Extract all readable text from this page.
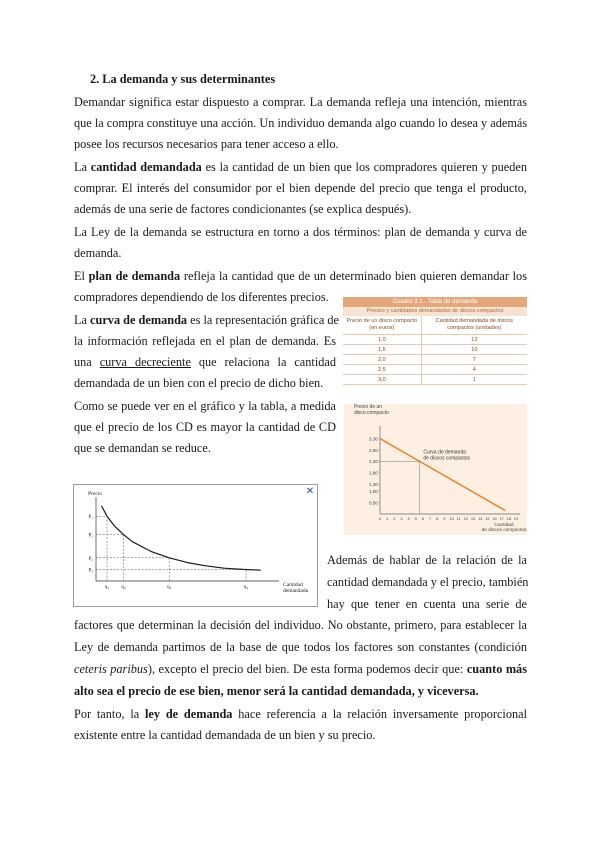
2. La demanda y sus determinantes
Demandar significa estar dispuesto a comprar. La demanda refleja una intención, mientras
que la compra constituye una acción. Un individuo demanda algo cuando lo desea y además
posee los recursos necesarios para tener acceso a ello.
La cantidad demandada es la cantidad de un bien que los compradores quieren y pueden
comprar. El interés del consumidor por el bien depende del precio que tenga el producto,
además de una serie de factores condicionantes (se explica después).
La Ley de la demanda se estructura en torno a dos términos: plan de demanda y curva de
demanda.
El plan de demanda refleja la cantidad que de un determinado bien quieren demandar los
compradores dependiendo de los diferentes precios.
La curva de demanda es la representación gráfica de
la información reflejada en el plan de demanda. Es
una curva decreciente que relaciona la cantidad
demandada de un bien con el precio de dicho bien.
Como se puede ver en el gráfico y la tabla, a medida
que el precio de los CD es mayor la cantidad de CD
que se demandan se reduce.
Además de hablar de la relación de la
cantidad demandada y el precio, también
hay que tener en cuenta una serie de
factores que determinan la decisión del individuo. No obstante, primero, para establecer la
Ley de demanda partimos de la base de que todos los factores son constantes (condición
ceteris paribus), excepto el precio del bien. De esta forma podemos decir que: cuanto más
alto sea el precio de ese bien, menor será la cantidad demandada, y viceversa.
Por tanto, la ley de demanda hace referencia a la relación inversamente proporcional
existente entre la cantidad demandada de un bien y su precio.
Cuadro 3.1 - Tabla de demanda
Precios y cantidades demandadas de discos compactos
Precio de un disco compacto (en euros)	Cantidad demandada de discos compactos (unidades)
1,0	13
1,5	10
2,0	7
2,5	4
3,0	1
Precio de un disco compacto
0,50
1,00
1,30
1,80
2,30
2,80
3,30
0 1 2 3 4 5 6 7 8 9 10 11 12 13 14 15 16 17 18 19
Cantidad
de discos compactos
Curva de demanda
de discos compactos
Precio
Cantidad
demandada
P₁
q₁
P₂
q₂
P₃
q₃
P₄
q₄
✕
